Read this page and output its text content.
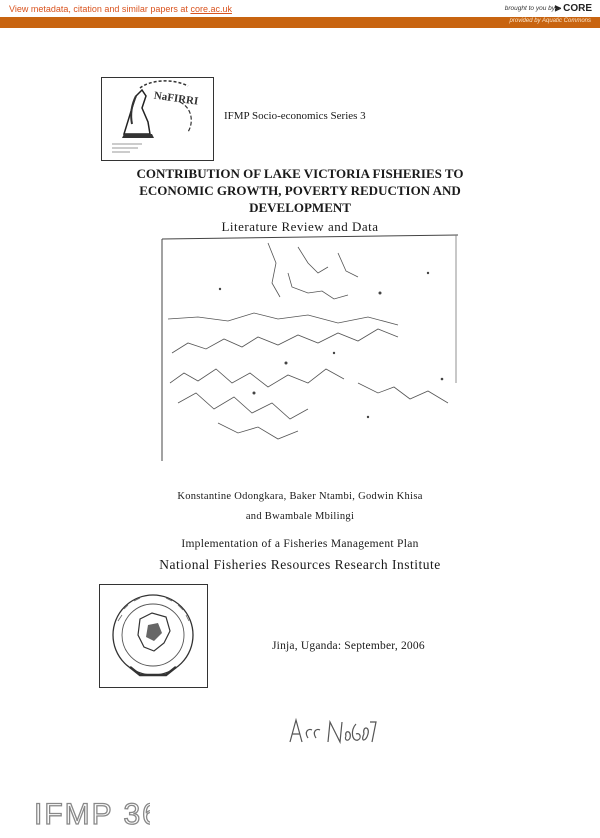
View metadata, citation and similar papers at core.ac.uk	brought to you by ⫸ CORE
provided by Aquatic Commons
NaFIRRI
IFMP Socio-economics Series 3
CONTRIBUTION OF LAKE VICTORIA FISHERIES TO
ECONOMIC GROWTH, POVERTY REDUCTION AND
DEVELOPMENT
Literature Review and Data
Konstantine Odongkara, Baker Ntambi, Godwin Khisa
and Bwambale Mbilingi
Implementation of a Fisheries Management Plan
National Fisheries Resources Research Institute
Jinja, Uganda: September, 2006
IFMP 36
